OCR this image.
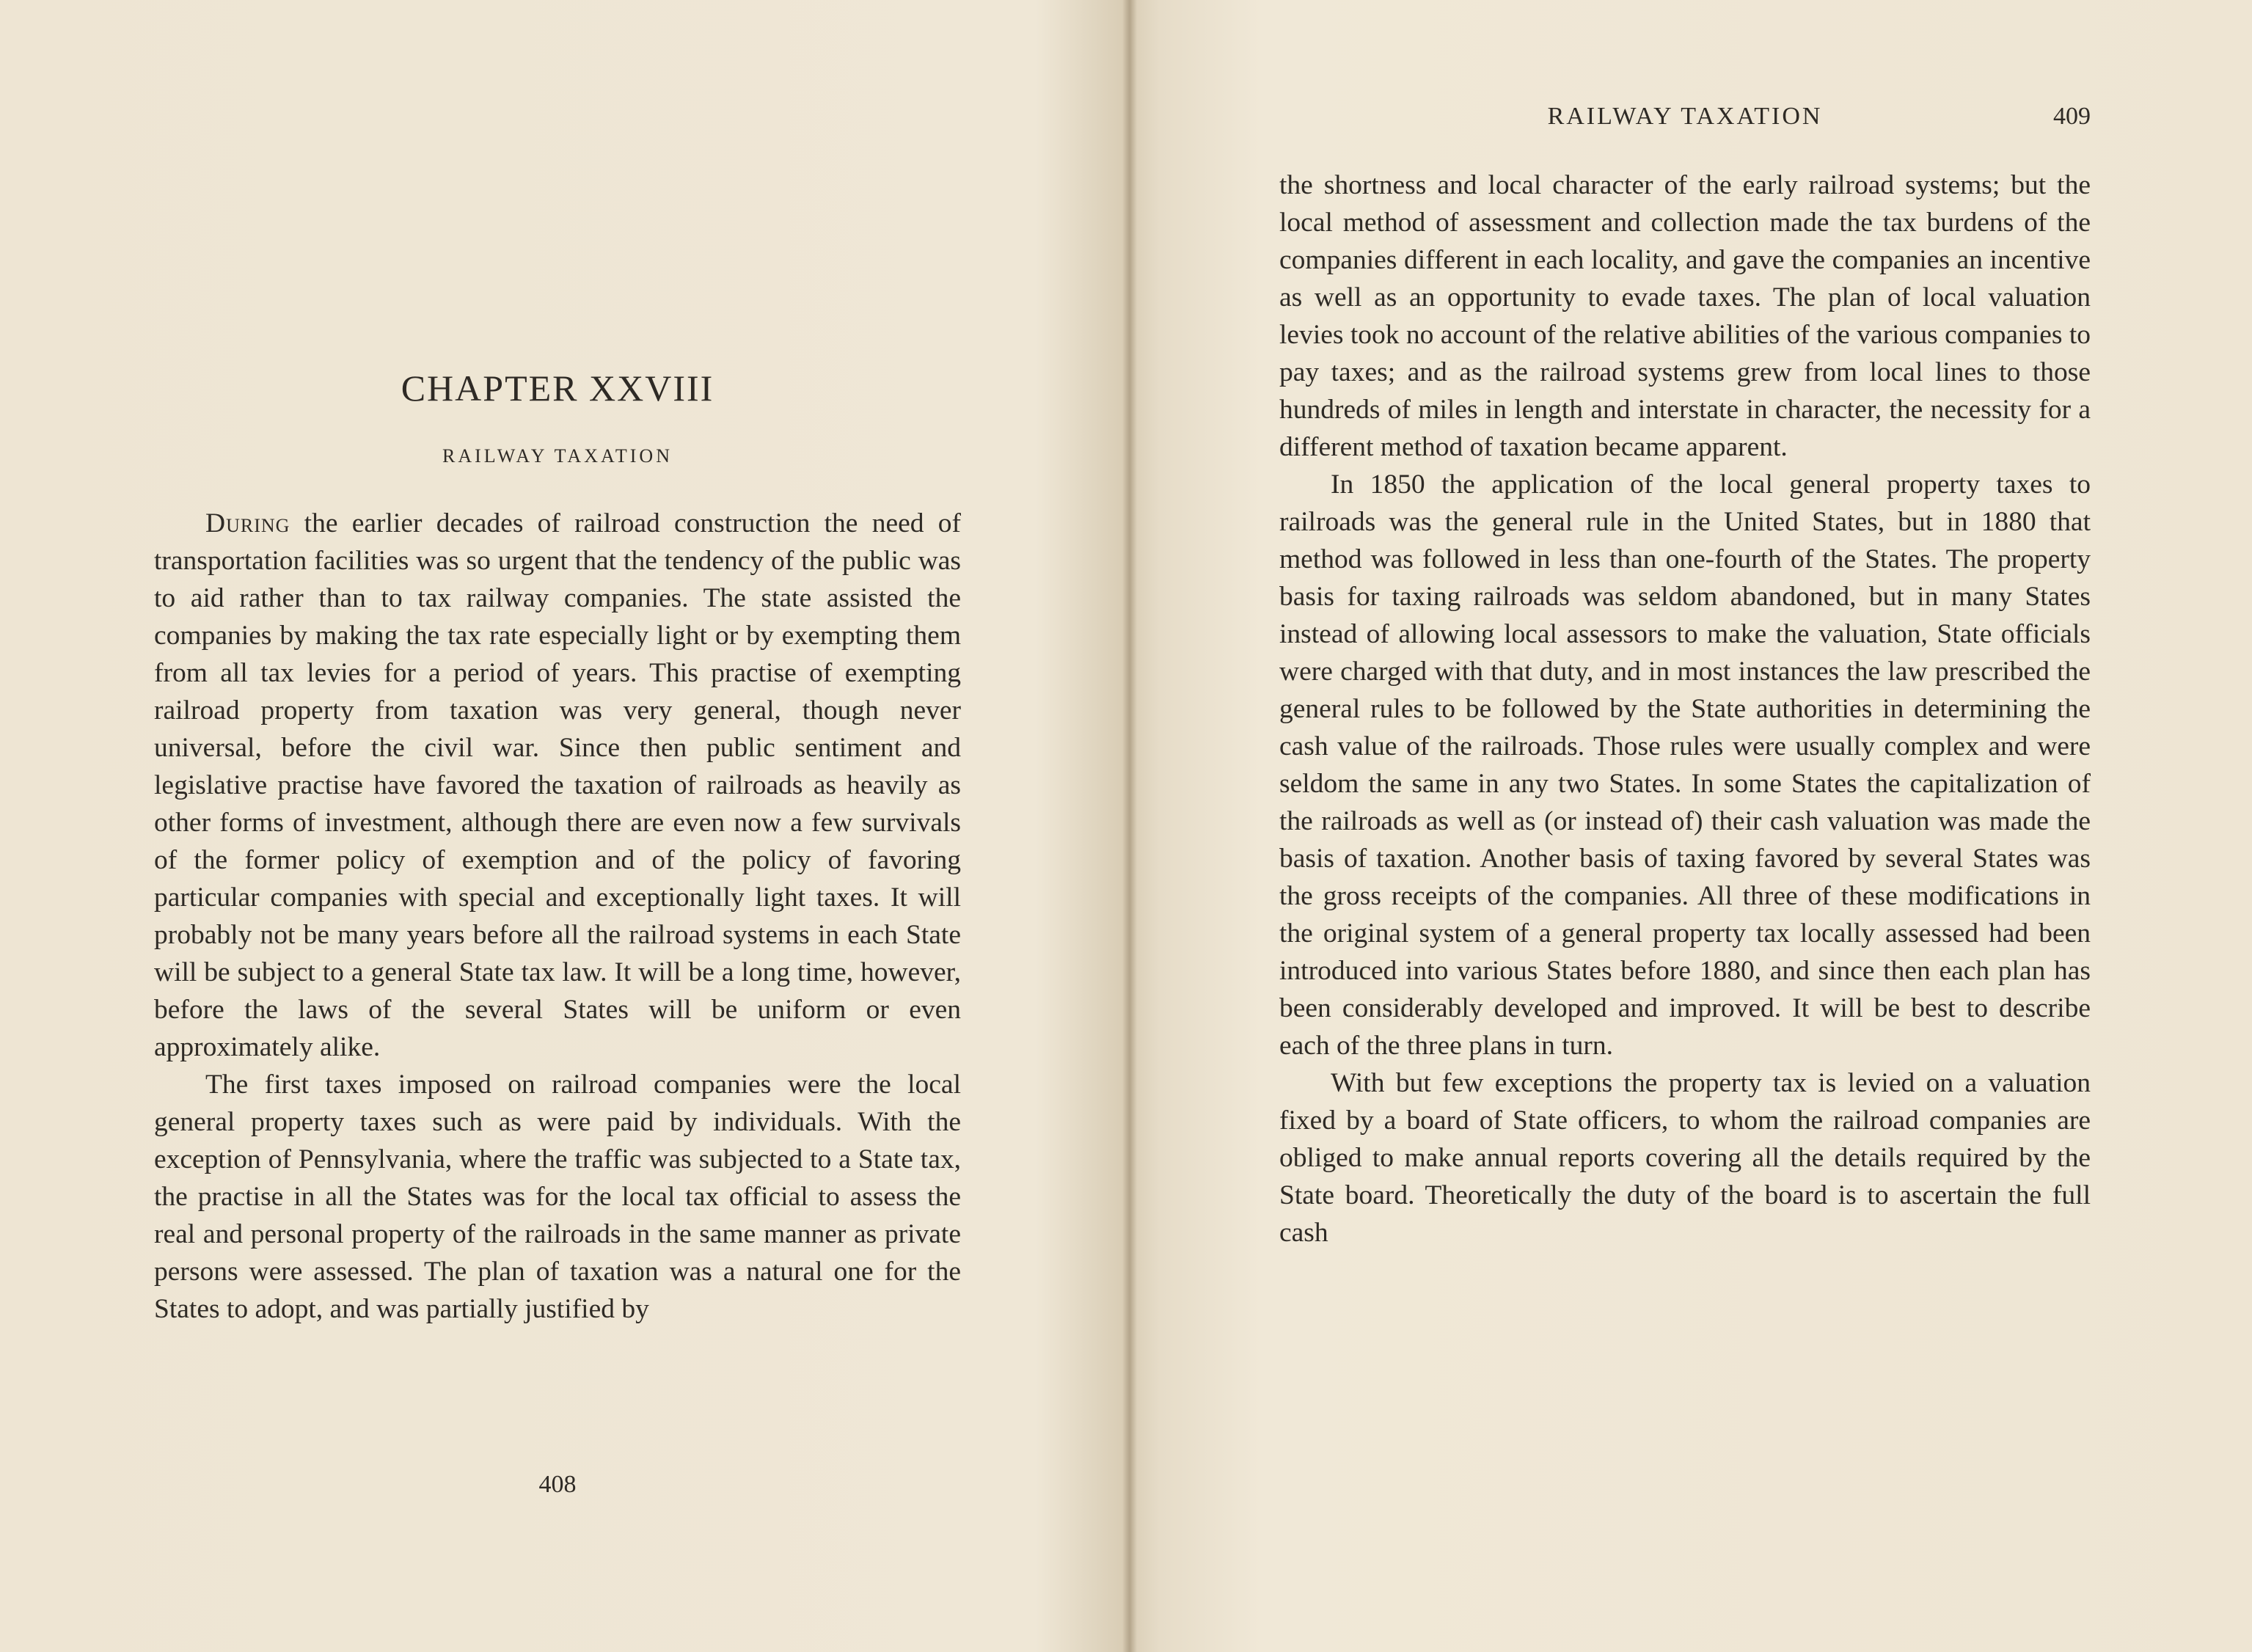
CHAPTER XXVIII
RAILWAY TAXATION

During the earlier decades of railroad construction the need of transportation facilities was so urgent that the tendency of the public was to aid rather than to tax railway companies. The state assisted the companies by making the tax rate especially light or by exempting them from all tax levies for a period of years. This practise of exempting railroad property from taxation was very general, though never universal, before the civil war. Since then public sentiment and legislative practise have favored the taxation of railroads as heavily as other forms of investment, although there are even now a few survivals of the former policy of exemption and of the policy of favoring particular companies with special and exceptionally light taxes. It will probably not be many years before all the railroad systems in each State will be subject to a general State tax law. It will be a long time, however, before the laws of the several States will be uniform or even approximately alike.

The first taxes imposed on railroad companies were the local general property taxes such as were paid by individuals. With the exception of Pennsylvania, where the traffic was subjected to a State tax, the practise in all the States was for the local tax official to assess the real and personal property of the railroads in the same manner as private persons were assessed. The plan of taxation was a natural one for the States to adopt, and was partially justified by

408
RAILWAY TAXATION	409

the shortness and local character of the early railroad systems; but the local method of assessment and collection made the tax burdens of the companies different in each locality, and gave the companies an incentive as well as an opportunity to evade taxes. The plan of local valuation levies took no account of the relative abilities of the various companies to pay taxes; and as the railroad systems grew from local lines to those hundreds of miles in length and interstate in character, the necessity for a different method of taxation became apparent.

In 1850 the application of the local general property taxes to railroads was the general rule in the United States, but in 1880 that method was followed in less than one-fourth of the States. The property basis for taxing railroads was seldom abandoned, but in many States instead of allowing local assessors to make the valuation, State officials were charged with that duty, and in most instances the law prescribed the general rules to be followed by the State authorities in determining the cash value of the railroads. Those rules were usually complex and were seldom the same in any two States. In some States the capitalization of the railroads as well as (or instead of) their cash valuation was made the basis of taxation. Another basis of taxing favored by several States was the gross receipts of the companies. All three of these modifications in the original system of a general property tax locally assessed had been introduced into various States before 1880, and since then each plan has been considerably developed and improved. It will be best to describe each of the three plans in turn.

With but few exceptions the property tax is levied on a valuation fixed by a board of State officers, to whom the railroad companies are obliged to make annual reports covering all the details required by the State board. Theoretically the duty of the board is to ascertain the full cash
